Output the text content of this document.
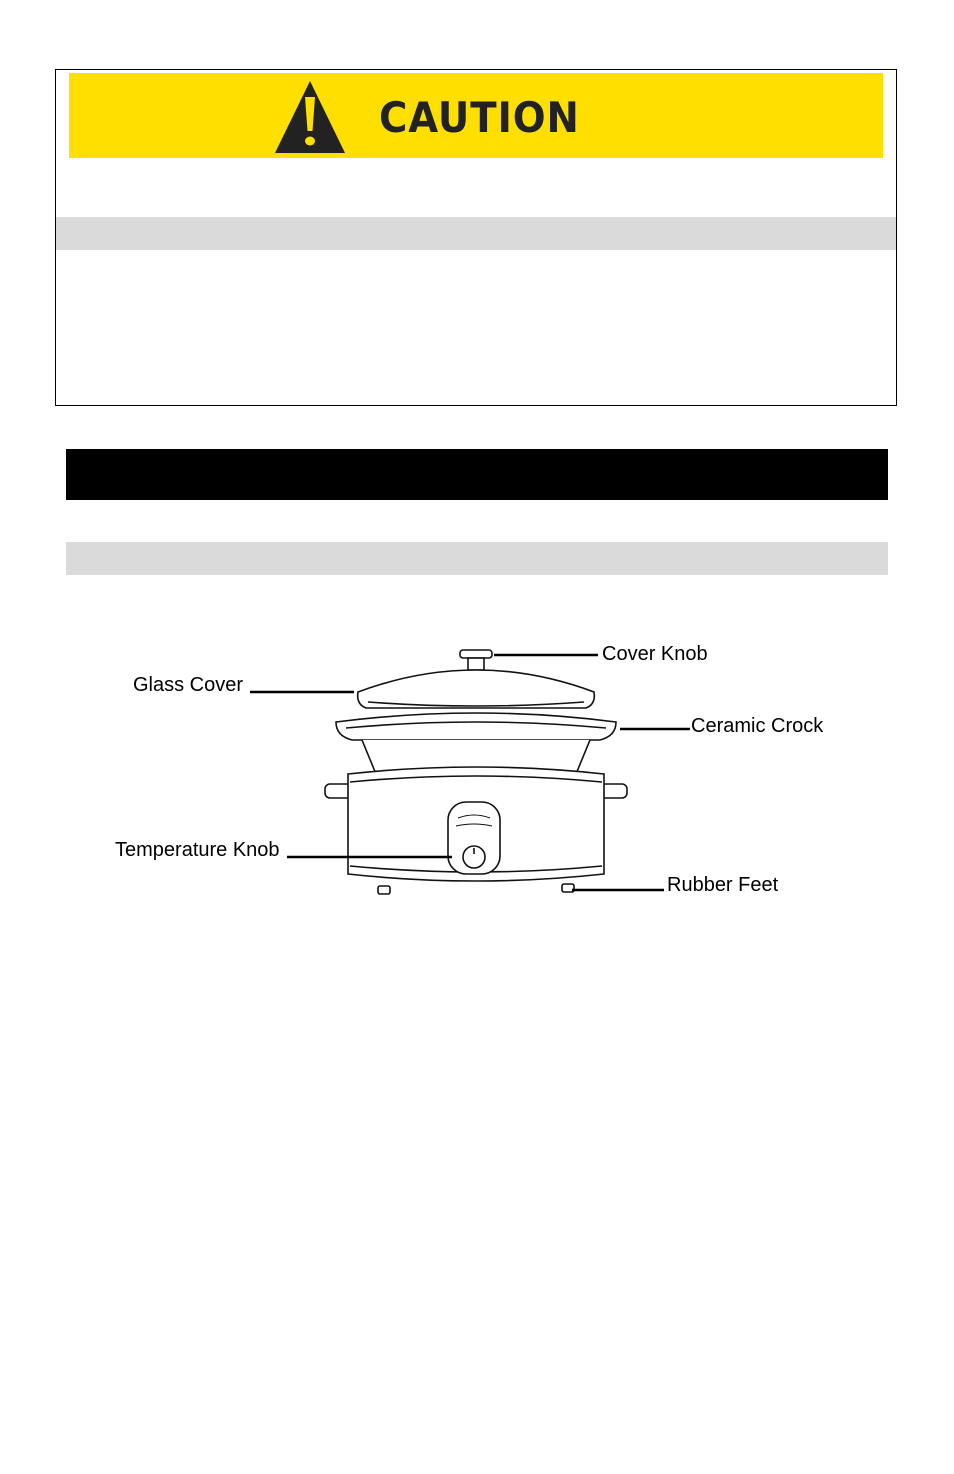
CAUTION
Cover Knob
Glass Cover
Ceramic Crock
Temperature Knob
Rubber Feet
